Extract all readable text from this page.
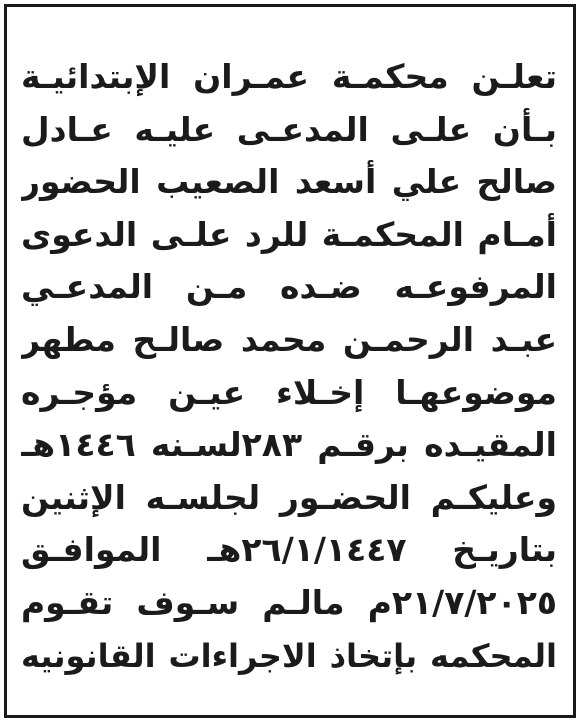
تعلـن محكمـة عمـران الإبتدائيـة
بـأن علـى المدعـى عليـه عـادل
صالح علي أسعد الصعيب الحضور
أمـام المحكمـة للرد علـى الدعوى
المرفوعـه ضـده مـن المدعـي
عبـد الرحمـن محمد صالـح مطهر
موضوعهـا إخـلاء عيـن مؤجـره
المقيـده برقـم ٢٨٣لسـنه ١٤٤٦هـ
وعليكـم الحضـور لجلسـه الإثنين
بتاريـخ ٢٦/١/١٤٤٧هـ الموافـق
٢١/٧/٢٠٢٥م مالـم سـوف تقـوم
المحكمه بإتخاذ الاجراءات القانونيه
